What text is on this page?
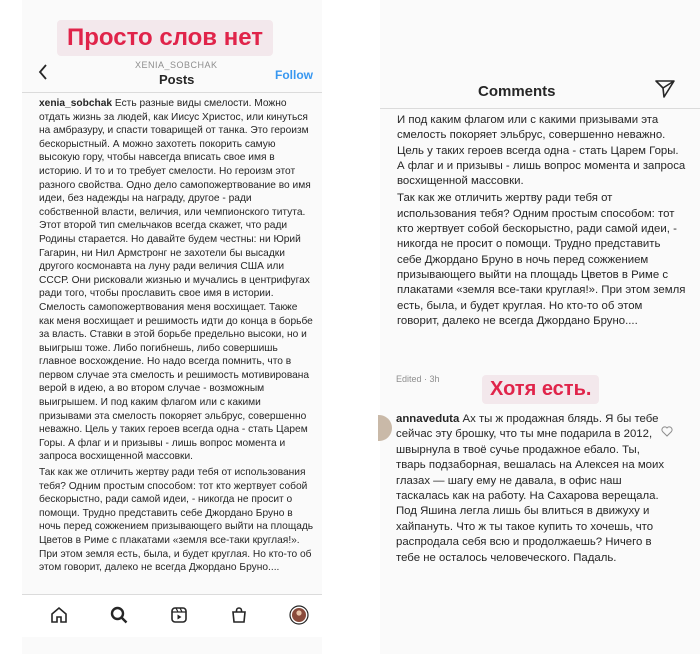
Просто слов нет
XENIA_SOBCHAK
Posts	Follow
xenia_sobchak Есть разные виды смелости. Можно отдать жизнь за людей, как Иисус Христос, или кинуться на амбразуру, и спасти товарищей от танка. Это героизм бескорыстный. А можно захотеть покорить самую высокую гору, чтобы навсегда вписать свое имя в историю. И то и то требует смелости. Но героизм этот разного свойства. Одно дело самопожертвование во имя идеи, без надежды на награду, другое - ради собственной власти, величия, или чемпионского титута. Этот второй тип смельчаков всегда скажет, что ради Родины старается. Но давайте будем честны: ни Юрий Гагарин, ни Нил Армстронг не захотели бы высадки другого космонавта на луну ради величия США или СССР. Они рисковали жизнью и мучались в центрифугах ради того, чтобы прославить свое имя в истории. Смелость самопожертвования меня восхищает. Также как меня восхищает и решимость идти до конца в борьбе за власть. Ставки в этой борьбе предельно высоки, но и выигрыш тоже. Либо погибнешь, либо совершишь главное восхождение. Но надо всегда помнить, что в первом случае эта смелость и решимость мотивирована верой в идею, а во втором случае - возможным выигрышем. И под каким флагом или с какими призывами эта смелость покоряет эльбрус, совершенно неважно. Цель у таких героев всегда одна - стать Царем Горы. А флаг и и призывы - лишь вопрос момента и запроса восхищенной массовки.
Так как же отличить жертву ради тебя от использования тебя? Одним простым способом: тот кто жертвует собой бескорыстно, ради самой идеи, - никогда не просит о помощи. Трудно представить себе Джордано Бруно в ночь перед сожжением призывающего выйти на площадь Цветов в Риме с плакатами «земля все-таки круглая!». При этом земля есть, была, и будет круглая. Но кто-то об этом говорит, далеко не всегда Джордано Бруно....
Comments
И под каким флагом или с какими призывами эта смелость покоряет эльбрус, совершенно неважно. Цель у таких героев всегда одна - стать Царем Горы. А флаг и и призывы - лишь вопрос момента и запроса восхищенной массовки.
Так как же отличить жертву ради тебя от использования тебя? Одним простым способом: тот кто жертвует собой бескорыстно, ради самой идеи, - никогда не просит о помощи. Трудно представить себе Джордано Бруно в ночь перед сожжением призывающего выйти на площадь Цветов в Риме с плакатами «земля все-таки круглая!». При этом земля есть, была, и будет круглая. Но кто-то об этом говорит, далеко не всегда Джордано Бруно....
Edited · 3h	Хотя есть.
annaveduta Ах ты ж продажная блядь. Я бы тебе сейчас эту брошку, что ты мне подарила в 2012, швырнула в твоё сучье продажное ебало. Ты, тварь подзаборная, вешалась на Алексея на моих глазах — шагу ему не давала, в офис наш таскалась как на работу. На Сахарова верещала. Под Яшина легла лишь бы влиться в движуху и хайпануть. Что ж ты такое купить то хочешь, что распродала себя всю и продолжаешь? Ничего в тебе не осталось человеческого. Падаль.
